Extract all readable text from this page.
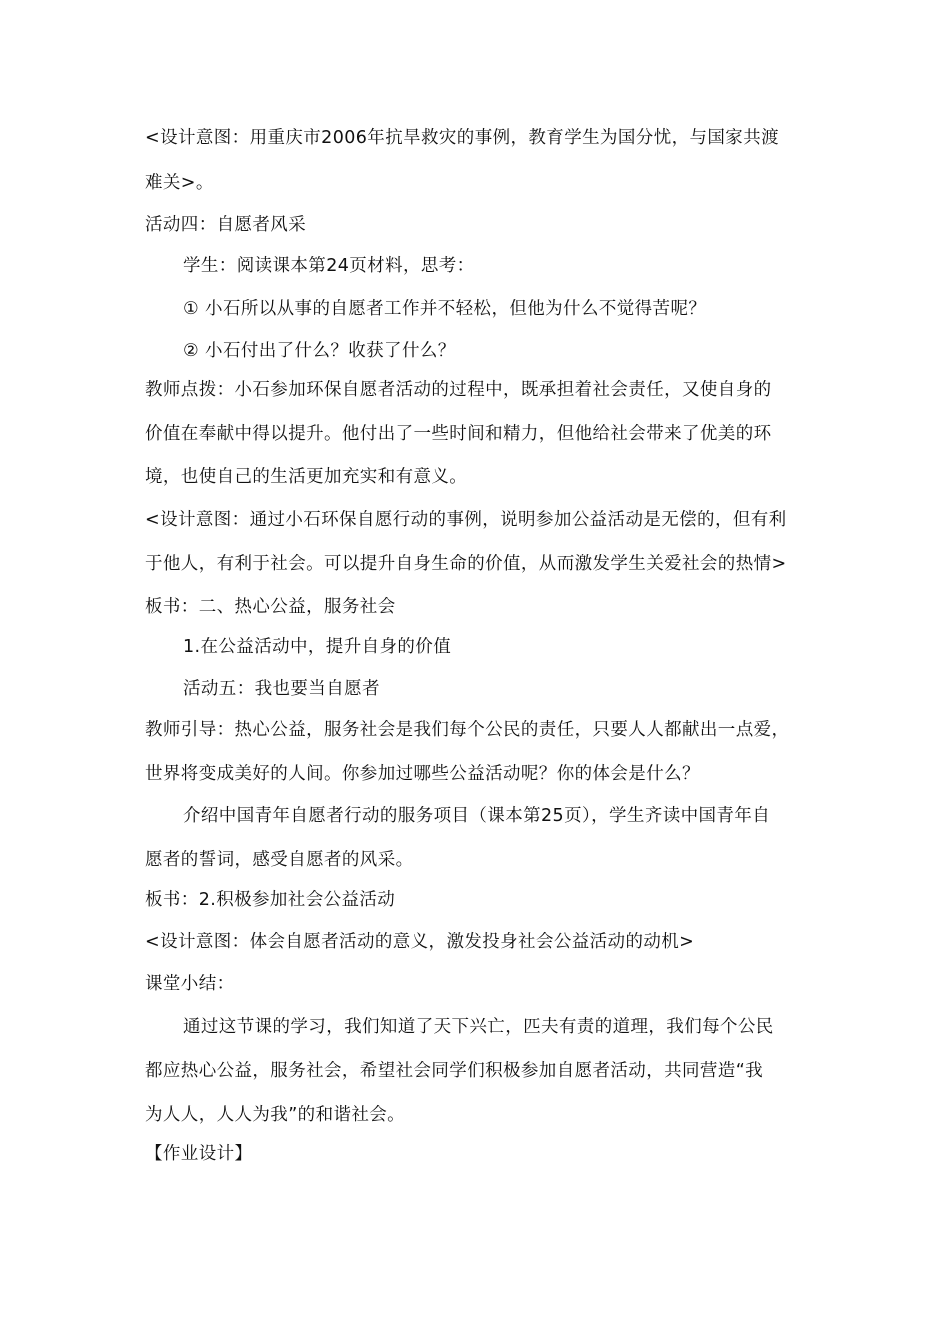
<设计意图：用重庆市2006年抗旱救灾的事例，教育学生为国分忧，与国家共渡
难关>。
活动四：自愿者风采
学生：阅读课本第24页材料，思考：
① 小石所以从事的自愿者工作并不轻松，但他为什么不觉得苦呢？
② 小石付出了什么？收获了什么？
教师点拨：小石参加环保自愿者活动的过程中，既承担着社会责任，又使自身的
价值在奉献中得以提升。他付出了一些时间和精力，但他给社会带来了优美的环
境，也使自己的生活更加充实和有意义。
<设计意图：通过小石环保自愿行动的事例，说明参加公益活动是无偿的，但有利
于他人，有利于社会。可以提升自身生命的价值，从而激发学生关爱社会的热情>
板书：二、热心公益，服务社会
1.在公益活动中，提升自身的价值
活动五：我也要当自愿者
教师引导：热心公益，服务社会是我们每个公民的责任，只要人人都献出一点爱，
世界将变成美好的人间。你参加过哪些公益活动呢？你的体会是什么？
介绍中国青年自愿者行动的服务项目（课本第25页），学生齐读中国青年自
愿者的誓词，感受自愿者的风采。
板书：2.积极参加社会公益活动
<设计意图：体会自愿者活动的意义，激发投身社会公益活动的动机>
课堂小结：
通过这节课的学习，我们知道了天下兴亡，匹夫有责的道理，我们每个公民
都应热心公益，服务社会，希望社会同学们积极参加自愿者活动，共同营造“我
为人人，人人为我”的和谐社会。
【作业设计】
